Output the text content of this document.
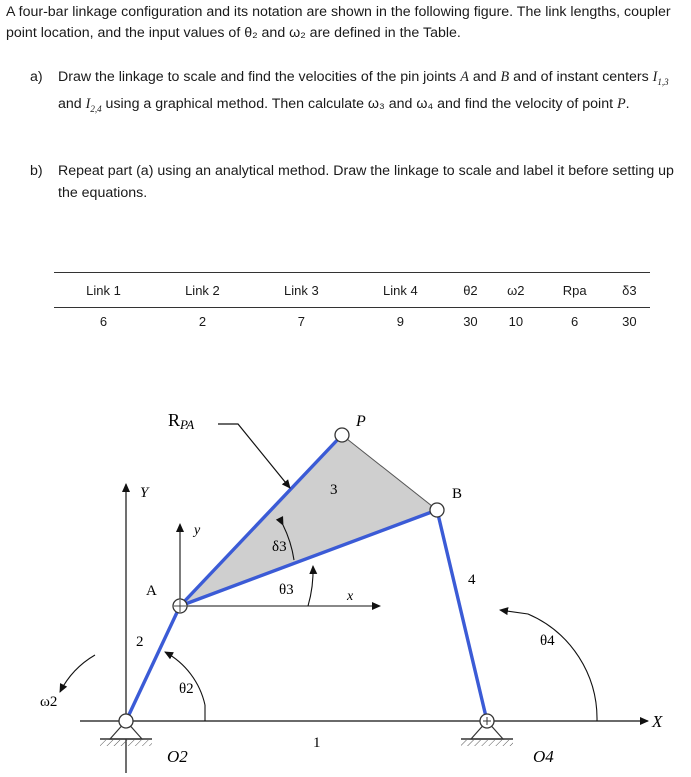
A four-bar linkage configuration and its notation are shown in the following figure. The link lengths, coupler point location, and the input values of θ₂ and ω₂ are defined in the Table.
a) Draw the linkage to scale and find the velocities of the pin joints A and B and of instant centers $I_{1,3}$ and $I_{2,4}$ using a graphical method. Then calculate ω₃ and ω₄ and find the velocity of point P.
b) Repeat part (a) using an analytical method. Draw the linkage to scale and label it before setting up the equations.
Link 1	Link 2	Link 3	Link 4	θ2	ω2	Rpa	δ3
6	2	7	9	30	10	6	30
X
Y
y
x
RPA
δ3
θ3
θ2
θ4
ω2
P
B
A
1
2
3
4
O2	O4
